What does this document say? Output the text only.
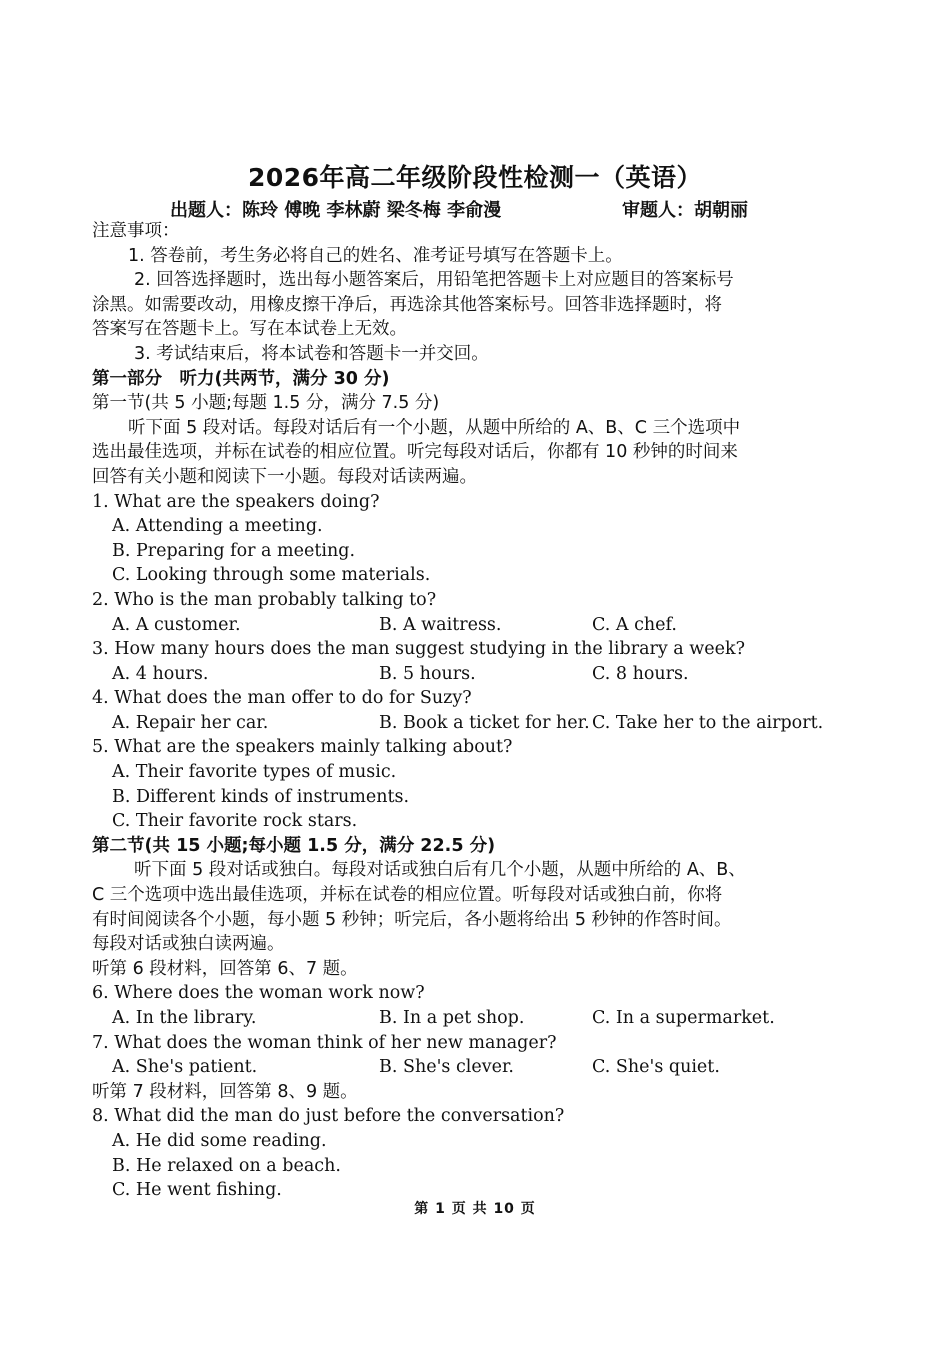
2026年高二年级阶段性检测一（英语）
出题人：陈玲 傅晚 李林蔚 梁冬梅 李俞漫	审题人：胡朝丽
注意事项：
1. 答卷前，考生务必将自己的姓名、准考证号填写在答题卡上。
2. 回答选择题时，选出每小题答案后，用铅笔把答题卡上对应题目的答案标号
涂黑。如需要改动，用橡皮擦干净后，再选涂其他答案标号。回答非选择题时，将
答案写在答题卡上。写在本试卷上无效。
3. 考试结束后，将本试卷和答题卡一并交回。
第一部分　听力(共两节，满分 30 分)
第一节(共 5 小题;每题 1.5 分，满分 7.5 分)
听下面 5 段对话。每段对话后有一个小题，从题中所给的 A、B、C 三个选项中
选出最佳选项，并标在试卷的相应位置。听完每段对话后，你都有 10 秒钟的时间来
回答有关小题和阅读下一小题。每段对话读两遍。
1. What are the speakers doing?
A. Attending a meeting.
B. Preparing for a meeting.
C. Looking through some materials.
2. Who is the man probably talking to?
A. A customer.	B. A waitress.	C. A chef.
3. How many hours does the man suggest studying in the library a week?
A. 4 hours.	B. 5 hours.	C. 8 hours.
4. What does the man offer to do for Suzy?
A. Repair her car.	B. Book a ticket for her. C. Take her to the airport.
5. What are the speakers mainly talking about?
A. Their favorite types of music.
B. Different kinds of instruments.
C. Their favorite rock stars.
第二节(共 15 小题;每小题 1.5 分，满分 22.5 分)
听下面 5 段对话或独白。每段对话或独白后有几个小题，从题中所给的 A、B、
C 三个选项中选出最佳选项，并标在试卷的相应位置。听每段对话或独白前，你将
有时间阅读各个小题，每小题 5 秒钟；听完后，各小题将给出 5 秒钟的作答时间。
每段对话或独白读两遍。
听第 6 段材料，回答第 6、7 题。
6. Where does the woman work now?
A. In the library.	B. In a pet shop.	C. In a supermarket.
7. What does the woman think of her new manager?
A. She's patient.	B. She's clever.	C. She's quiet.
听第 7 段材料，回答第 8、9 题。
8. What did the man do just before the conversation?
A. He did some reading.
B. He relaxed on a beach.
C. He went fishing.
第 1 页 共 10 页
